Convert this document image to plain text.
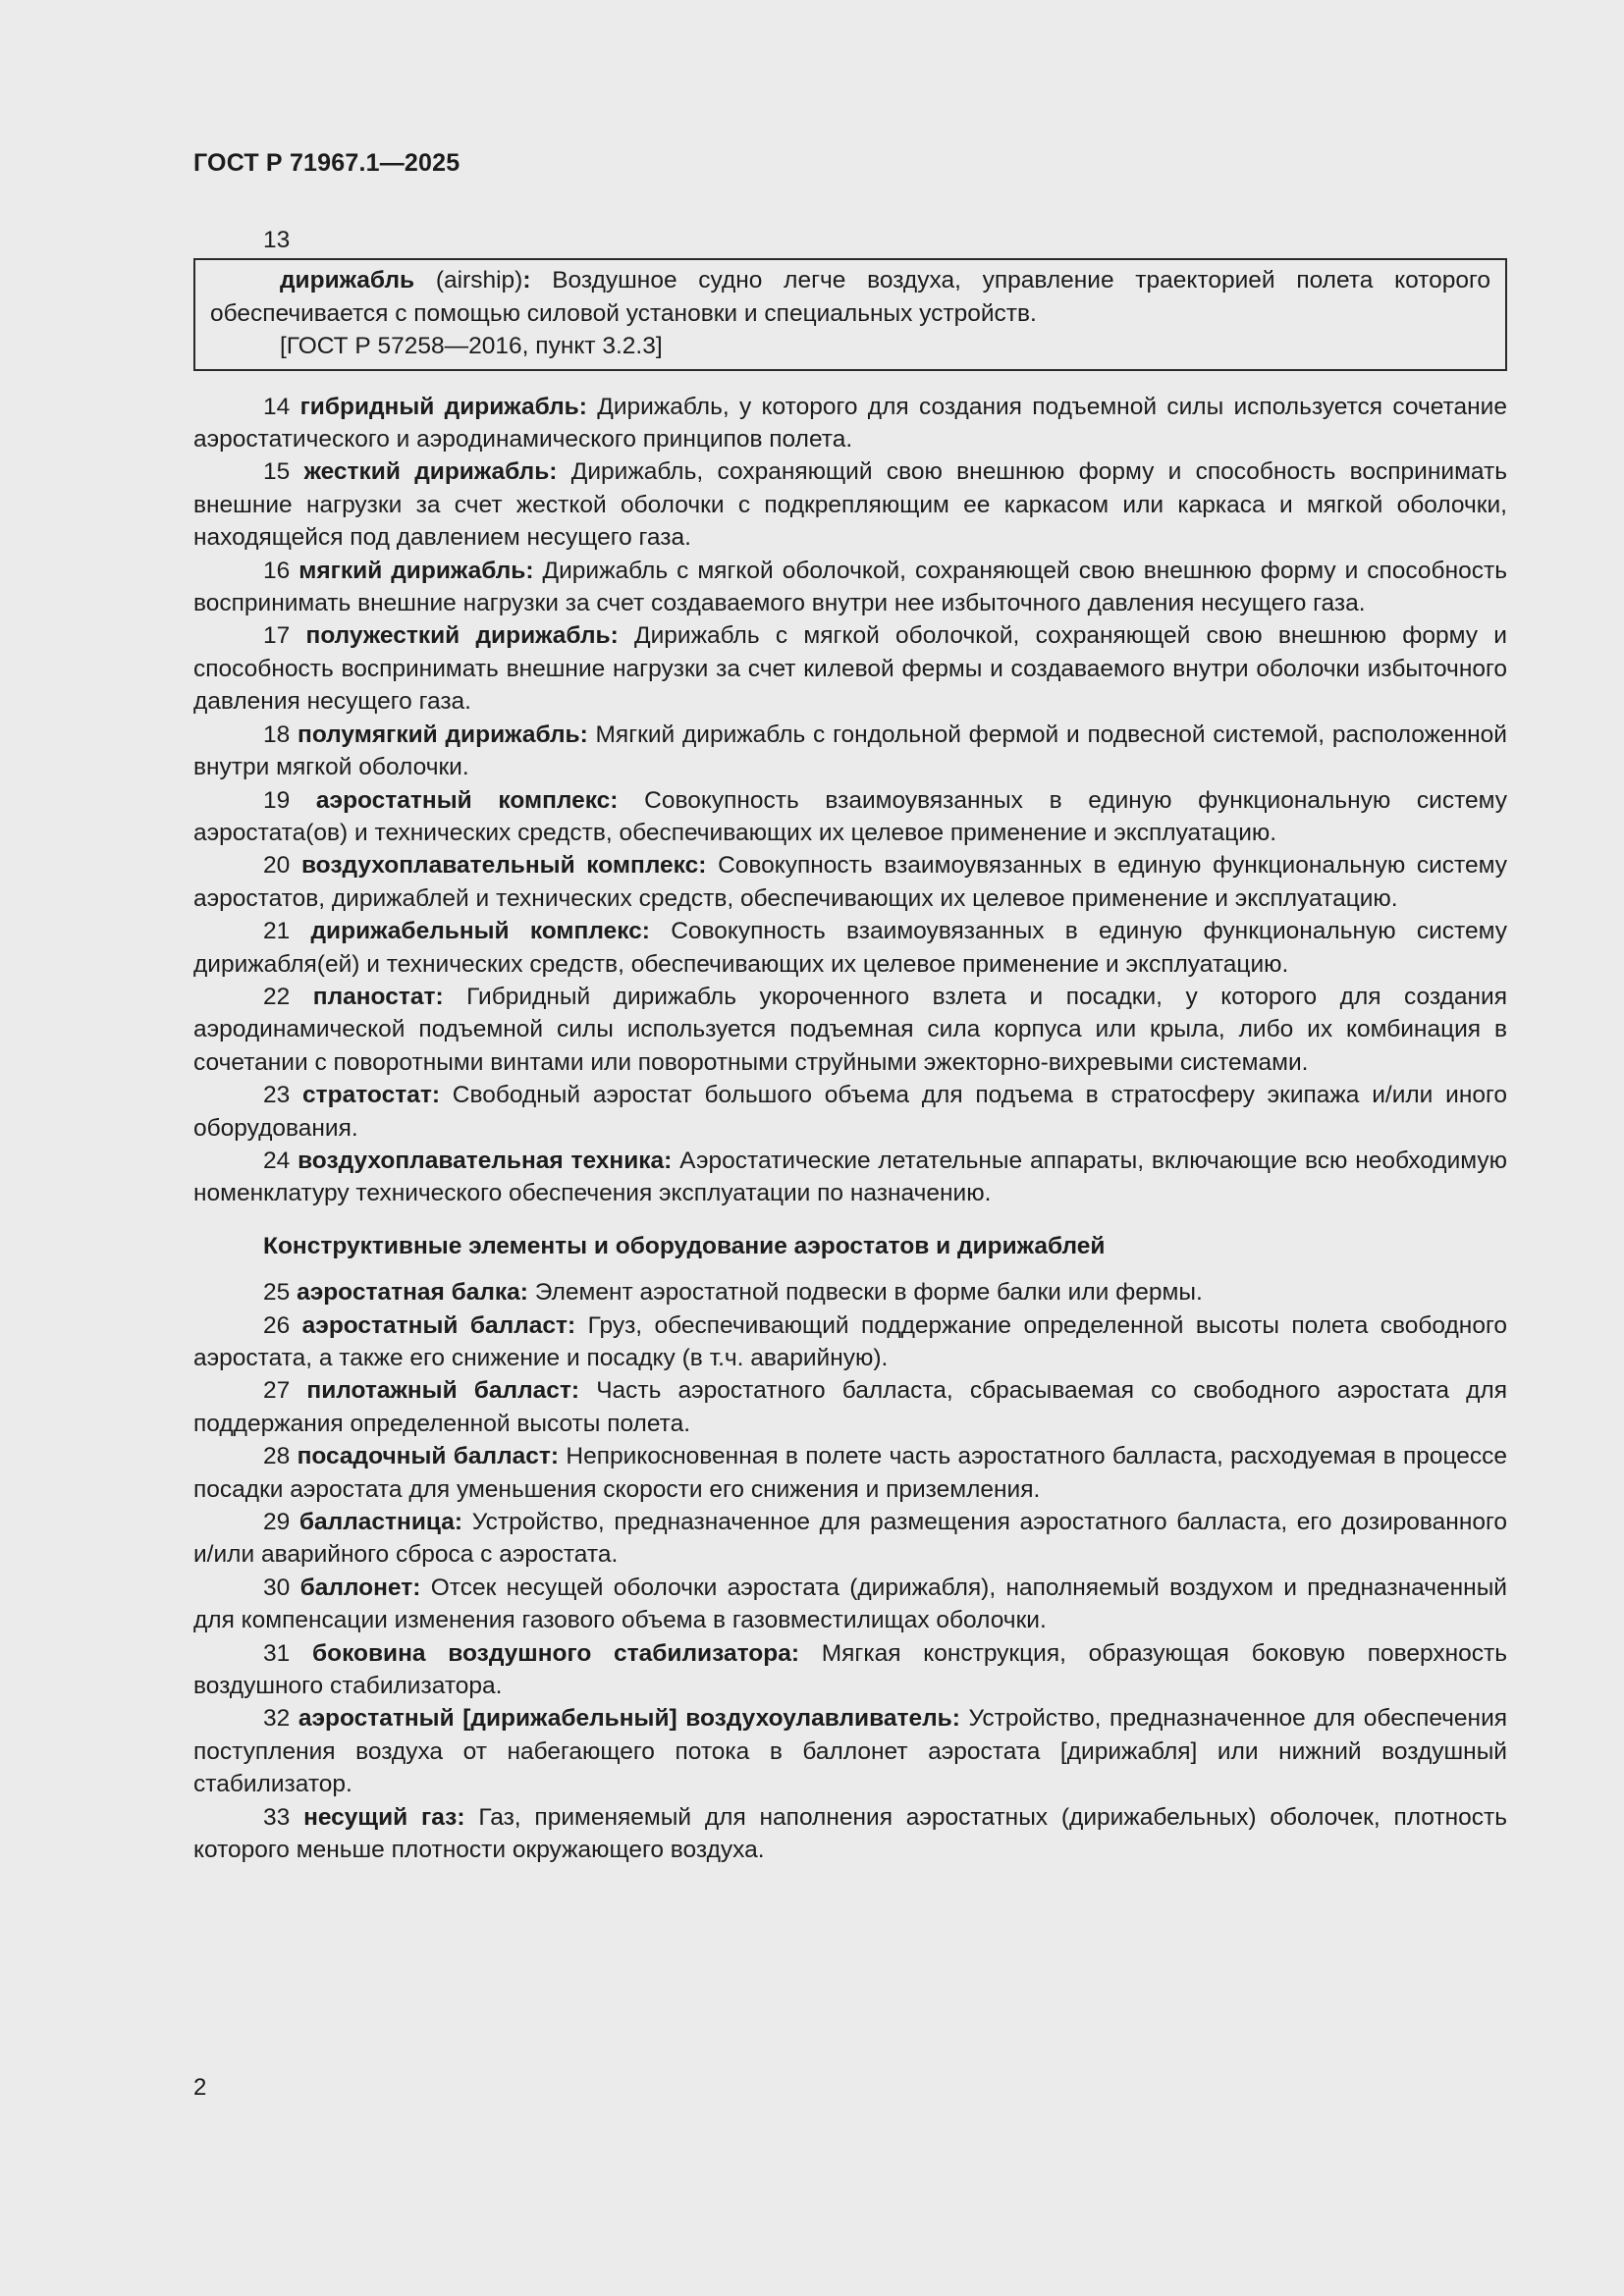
ГОСТ Р 71967.1—2025

13

дирижабль (airship): Воздушное судно легче воздуха, управление траекторией полета которого обеспечивается с помощью силовой установки и специальных устройств.

[ГОСТ Р 57258—2016, пункт 3.2.3]

14 гибридный дирижабль: Дирижабль, у которого для создания подъемной силы используется сочетание аэростатического и аэродинамического принципов полета.

15 жесткий дирижабль: Дирижабль, сохраняющий свою внешнюю форму и способность воспринимать внешние нагрузки за счет жесткой оболочки с подкрепляющим ее каркасом или каркаса и мягкой оболочки, находящейся под давлением несущего газа.

16 мягкий дирижабль: Дирижабль с мягкой оболочкой, сохраняющей свою внешнюю форму и способность воспринимать внешние нагрузки за счет создаваемого внутри нее избыточного давления несущего газа.

17 полужесткий дирижабль: Дирижабль с мягкой оболочкой, сохраняющей свою внешнюю форму и способность воспринимать внешние нагрузки за счет килевой фермы и создаваемого внутри оболочки избыточного давления несущего газа.

18 полумягкий дирижабль: Мягкий дирижабль с гондольной фермой и подвесной системой, расположенной внутри мягкой оболочки.

19 аэростатный комплекс: Совокупность взаимоувязанных в единую функциональную систему аэростата(ов) и технических средств, обеспечивающих их целевое применение и эксплуатацию.

20 воздухоплавательный комплекс: Совокупность взаимоувязанных в единую функциональную систему аэростатов, дирижаблей и технических средств, обеспечивающих их целевое применение и эксплуатацию.

21 дирижабельный комплекс: Совокупность взаимоувязанных в единую функциональную систему дирижабля(ей) и технических средств, обеспечивающих их целевое применение и эксплуатацию.

22 планостат: Гибридный дирижабль укороченного взлета и посадки, у которого для создания аэродинамической подъемной силы используется подъемная сила корпуса или крыла, либо их комбинация в сочетании с поворотными винтами или поворотными струйными эжекторно-вихревыми системами.

23 стратостат: Свободный аэростат большого объема для подъема в стратосферу экипажа и/или иного оборудования.

24 воздухоплавательная техника: Аэростатические летательные аппараты, включающие всю необходимую номенклатуру технического обеспечения эксплуатации по назначению.

Конструктивные элементы и оборудование аэростатов и дирижаблей

25 аэростатная балка: Элемент аэростатной подвески в форме балки или фермы.

26 аэростатный балласт: Груз, обеспечивающий поддержание определенной высоты полета свободного аэростата, а также его снижение и посадку (в т.ч. аварийную).

27 пилотажный балласт: Часть аэростатного балласта, сбрасываемая со свободного аэростата для поддержания определенной высоты полета.

28 посадочный балласт: Неприкосновенная в полете часть аэростатного балласта, расходуемая в процессе посадки аэростата для уменьшения скорости его снижения и приземления.

29 балластница: Устройство, предназначенное для размещения аэростатного балласта, его дозированного и/или аварийного сброса с аэростата.

30 баллонет: Отсек несущей оболочки аэростата (дирижабля), наполняемый воздухом и предназначенный для компенсации изменения газового объема в газовместилищах оболочки.

31 боковина воздушного стабилизатора: Мягкая конструкция, образующая боковую поверхность воздушного стабилизатора.

32 аэростатный [дирижабельный] воздухоулавливатель: Устройство, предназначенное для обеспечения поступления воздуха от набегающего потока в баллонет аэростата [дирижабля] или нижний воздушный стабилизатор.

33 несущий газ: Газ, применяемый для наполнения аэростатных (дирижабельных) оболочек, плотность которого меньше плотности окружающего воздуха.

2
